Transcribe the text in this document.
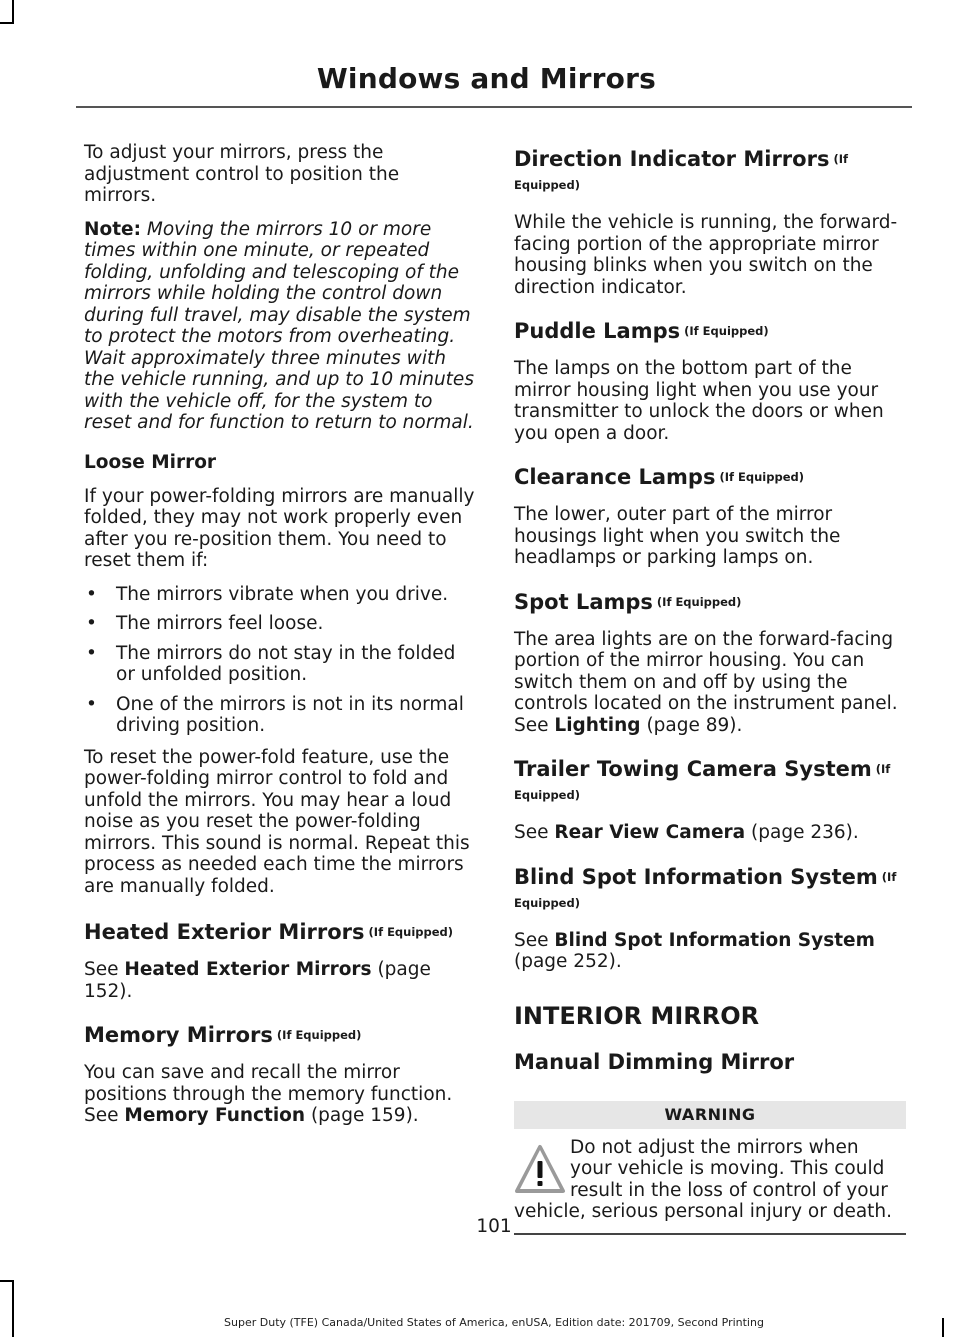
Windows and Mirrors

To adjust your mirrors, press the adjustment control to position the mirrors.

Note: Moving the mirrors 10 or more times within one minute, or repeated folding, unfolding and telescoping of the mirrors while holding the control down during full travel, may disable the system to protect the motors from overheating. Wait approximately three minutes with the vehicle running, and up to 10 minutes with the vehicle off, for the system to reset and for function to return to normal.

Loose Mirror

If your power-folding mirrors are manually folded, they may not work properly even after you re-position them. You need to reset them if:

• The mirrors vibrate when you drive.
• The mirrors feel loose.
• The mirrors do not stay in the folded or unfolded position.
• One of the mirrors is not in its normal driving position.

To reset the power-fold feature, use the power-folding mirror control to fold and unfold the mirrors. You may hear a loud noise as you reset the power-folding mirrors. This sound is normal. Repeat this process as needed each time the mirrors are manually folded.

Heated Exterior Mirrors (If Equipped)

See Heated Exterior Mirrors (page 152).

Memory Mirrors (If Equipped)

You can save and recall the mirror positions through the memory function. See Memory Function (page 159).

Direction Indicator Mirrors (If Equipped)

While the vehicle is running, the forward-facing portion of the appropriate mirror housing blinks when you switch on the direction indicator.

Puddle Lamps (If Equipped)

The lamps on the bottom part of the mirror housing light when you use your transmitter to unlock the doors or when you open a door.

Clearance Lamps (If Equipped)

The lower, outer part of the mirror housings light when you switch the headlamps or parking lamps on.

Spot Lamps (If Equipped)

The area lights are on the forward-facing portion of the mirror housing. You can switch them on and off by using the controls located on the instrument panel. See Lighting (page 89).

Trailer Towing Camera System (If Equipped)

See Rear View Camera (page 236).

Blind Spot Information System (If Equipped)

See Blind Spot Information System (page 252).

INTERIOR MIRROR
Manual Dimming Mirror
WARNING
Do not adjust the mirrors when your vehicle is moving. This could result in the loss of control of your vehicle, serious personal injury or death.

101

Super Duty (TFE) Canada/United States of America, enUSA, Edition date: 201709, Second Printing
